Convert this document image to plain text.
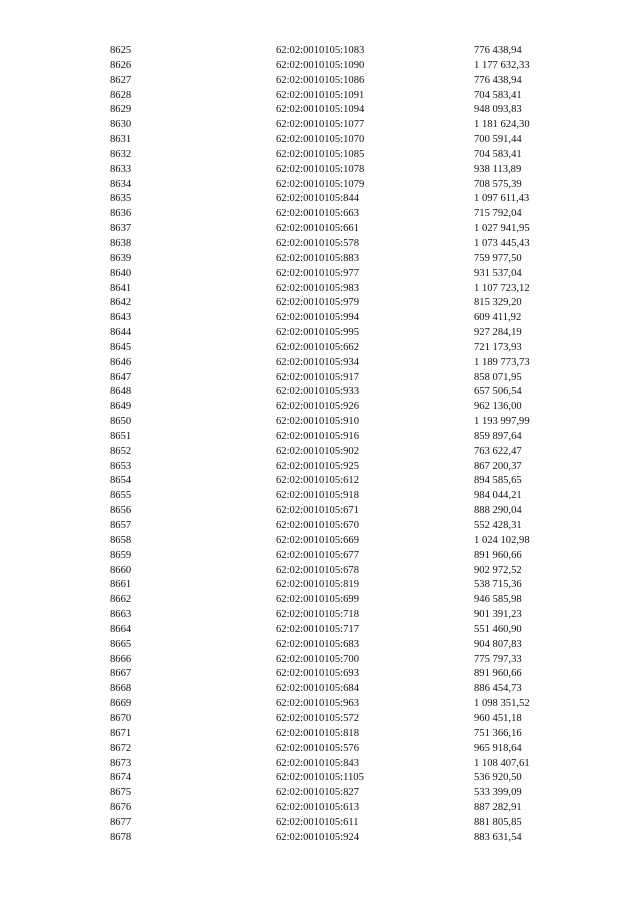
8625	62:02:0010105:1083	776 438,94
8626	62:02:0010105:1090	1 177 632,33
8627	62:02:0010105:1086	776 438,94
8628	62:02:0010105:1091	704 583,41
8629	62:02:0010105:1094	948 093,83
8630	62:02:0010105:1077	1 181 624,30
8631	62:02:0010105:1070	700 591,44
8632	62:02:0010105:1085	704 583,41
8633	62:02:0010105:1078	938 113,89
8634	62:02:0010105:1079	708 575,39
8635	62:02:0010105:844	1 097 611,43
8636	62:02:0010105:663	715 792,04
8637	62:02:0010105:661	1 027 941,95
8638	62:02:0010105:578	1 073 445,43
8639	62:02:0010105:883	759 977,50
8640	62:02:0010105:977	931 537,04
8641	62:02:0010105:983	1 107 723,12
8642	62:02:0010105:979	815 329,20
8643	62:02:0010105:994	609 411,92
8644	62:02:0010105:995	927 284,19
8645	62:02:0010105:662	721 173,93
8646	62:02:0010105:934	1 189 773,73
8647	62:02:0010105:917	858 071,95
8648	62:02:0010105:933	657 506,54
8649	62:02:0010105:926	962 136,00
8650	62:02:0010105:910	1 193 997,99
8651	62:02:0010105:916	859 897,64
8652	62:02:0010105:902	763 622,47
8653	62:02:0010105:925	867 200,37
8654	62:02:0010105:612	894 585,65
8655	62:02:0010105:918	984 044,21
8656	62:02:0010105:671	888 290,04
8657	62:02:0010105:670	552 428,31
8658	62:02:0010105:669	1 024 102,98
8659	62:02:0010105:677	891 960,66
8660	62:02:0010105:678	902 972,52
8661	62:02:0010105:819	538 715,36
8662	62:02:0010105:699	946 585,98
8663	62:02:0010105:718	901 391,23
8664	62:02:0010105:717	551 460,90
8665	62:02:0010105:683	904 807,83
8666	62:02:0010105:700	775 797,33
8667	62:02:0010105:693	891 960,66
8668	62:02:0010105:684	886 454,73
8669	62:02:0010105:963	1 098 351,52
8670	62:02:0010105:572	960 451,18
8671	62:02:0010105:818	751 366,16
8672	62:02:0010105:576	965 918,64
8673	62:02:0010105:843	1 108 407,61
8674	62:02:0010105:1105	536 920,50
8675	62:02:0010105:827	533 399,09
8676	62:02:0010105:613	887 282,91
8677	62:02:0010105:611	881 805,85
8678	62:02:0010105:924	883 631,54
